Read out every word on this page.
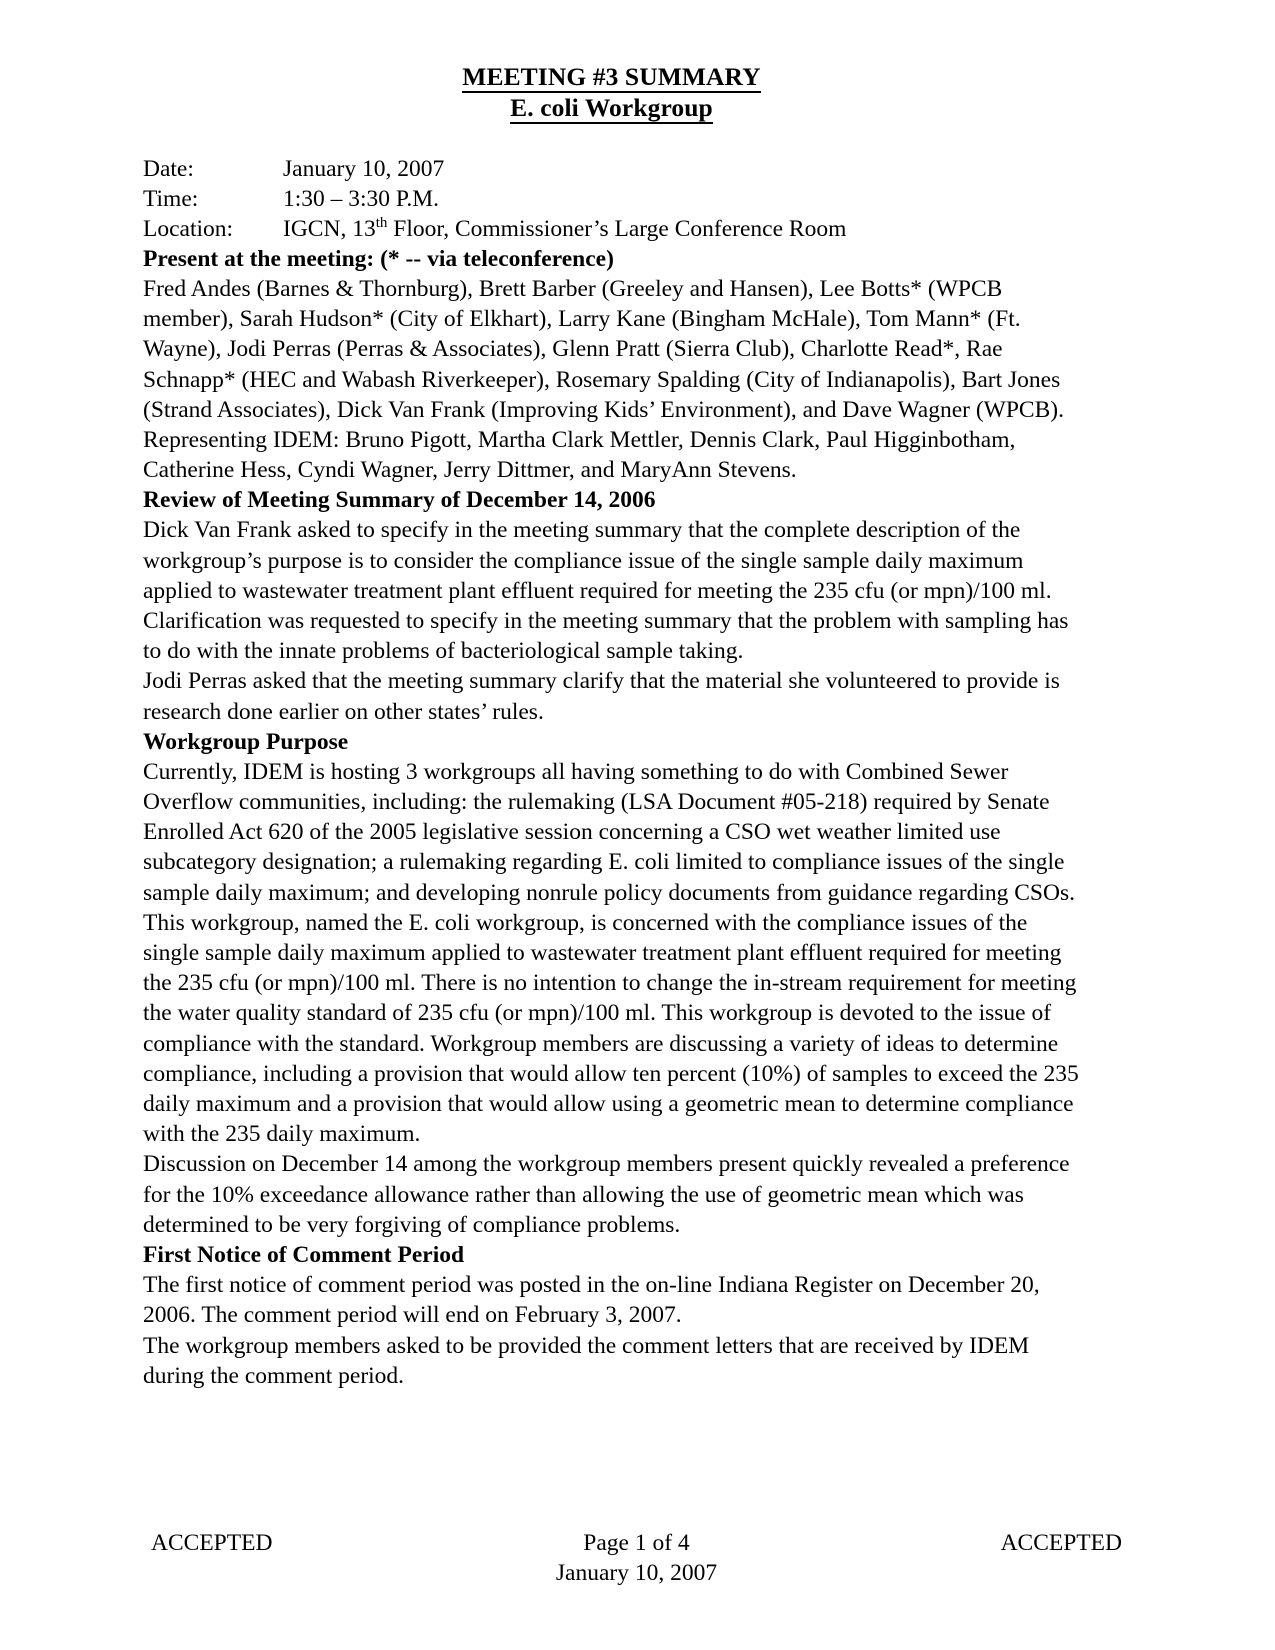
MEETING #3 SUMMARY
E. coli Workgroup
Date:	January 10, 2007
Time:	1:30 – 3:30 P.M.
Location:	IGCN, 13th Floor, Commissioner’s Large Conference Room
Present at the meeting: (* -- via teleconference)

Fred Andes (Barnes & Thornburg), Brett Barber (Greeley and Hansen), Lee Botts* (WPCB member), Sarah Hudson* (City of Elkhart), Larry Kane (Bingham McHale), Tom Mann* (Ft. Wayne), Jodi Perras (Perras & Associates), Glenn Pratt (Sierra Club), Charlotte Read*, Rae Schnapp* (HEC and Wabash Riverkeeper), Rosemary Spalding (City of Indianapolis), Bart Jones (Strand Associates), Dick Van Frank (Improving Kids’ Environment), and Dave Wagner (WPCB).

Representing IDEM: Bruno Pigott, Martha Clark Mettler, Dennis Clark, Paul Higginbotham, Catherine Hess, Cyndi Wagner, Jerry Dittmer, and MaryAnn Stevens.

Review of Meeting Summary of December 14, 2006

Dick Van Frank asked to specify in the meeting summary that the complete description of the workgroup’s purpose is to consider the compliance issue of the single sample daily maximum applied to wastewater treatment plant effluent required for meeting the 235 cfu (or mpn)/100 ml.

Clarification was requested to specify in the meeting summary that the problem with sampling has to do with the innate problems of bacteriological sample taking.

Jodi Perras asked that the meeting summary clarify that the material she volunteered to provide is research done earlier on other states’ rules.

Workgroup Purpose

Currently, IDEM is hosting 3 workgroups all having something to do with Combined Sewer Overflow communities, including: the rulemaking (LSA Document #05-218) required by Senate Enrolled Act 620 of the 2005 legislative session concerning a CSO wet weather limited use subcategory designation; a rulemaking regarding E. coli limited to compliance issues of the single sample daily maximum; and developing nonrule policy documents from guidance regarding CSOs.

This workgroup, named the E. coli workgroup, is concerned with the compliance issues of the single sample daily maximum applied to wastewater treatment plant effluent required for meeting the 235 cfu (or mpn)/100 ml. There is no intention to change the in-stream requirement for meeting the water quality standard of 235 cfu (or mpn)/100 ml. This workgroup is devoted to the issue of compliance with the standard. Workgroup members are discussing a variety of ideas to determine compliance, including a provision that would allow ten percent (10%) of samples to exceed the 235 daily maximum and a provision that would allow using a geometric mean to determine compliance with the 235 daily maximum.

Discussion on December 14 among the workgroup members present quickly revealed a preference for the 10% exceedance allowance rather than allowing the use of geometric mean which was determined to be very forgiving of compliance problems.

First Notice of Comment Period

The first notice of comment period was posted in the on-line Indiana Register on December 20, 2006. The comment period will end on February 3, 2007.

The workgroup members asked to be provided the comment letters that are received by IDEM during the comment period.

ACCEPTED	Page 1 of 4
January 10, 2007
ACCEPTED
